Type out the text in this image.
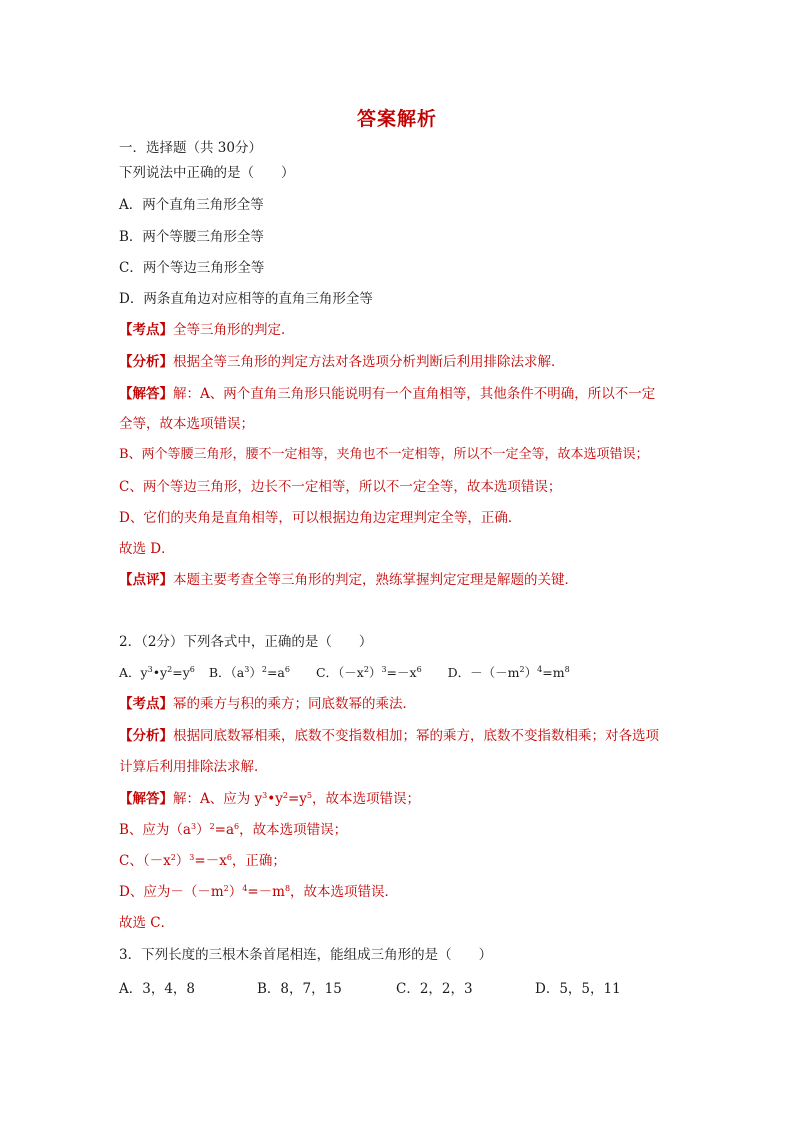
答案解析
一．选择题（共 30分）
下列说法中正确的是（　　）
A．两个直角三角形全等
B．两个等腰三角形全等
C．两个等边三角形全等
D．两条直角边对应相等的直角三角形全等
【考点】全等三角形的判定．
【分析】根据全等三角形的判定方法对各选项分析判断后利用排除法求解．
【解答】解：A、两个直角三角形只能说明有一个直角相等，其他条件不明确，所以不一定
全等，故本选项错误；
B、两个等腰三角形，腰不一定相等，夹角也不一定相等，所以不一定全等，故本选项错误；
C、两个等边三角形，边长不一定相等，所以不一定全等，故本选项错误；
D、它们的夹角是直角相等，可以根据边角边定理判定全等，正确．
故选 D．
【点评】本题主要考查全等三角形的判定，熟练掌握判定定理是解题的关键．
2．（2分）下列各式中，正确的是（　　）
A．$y^3•y^2=y^6$ B．$(a^3)^2=a^6$ C．$(-x^2)^3=-x^6$ D．$-(-m^2)^4=m^8$
【考点】幂的乘方与积的乘方；同底数幂的乘法．
【分析】根据同底数幂相乘，底数不变指数相加；幂的乘方，底数不变指数相乘；对各选项
计算后利用排除法求解．
【解答】解：A、应为 $y^3•y^2=y^5$，故本选项错误；
B、应为$(a^3)^2=a^6$，故本选项错误；
C、$(-x^2)^3=-x^6$，正确；
D、应为$-(-m^2)^4=-m^8$，故本选项错误．
故选 C．
3．下列长度的三根木条首尾相连，能组成三角形的是（　　）
A．3，4，8	B．8，7，15	C．2，2，3	D．5，5，11
